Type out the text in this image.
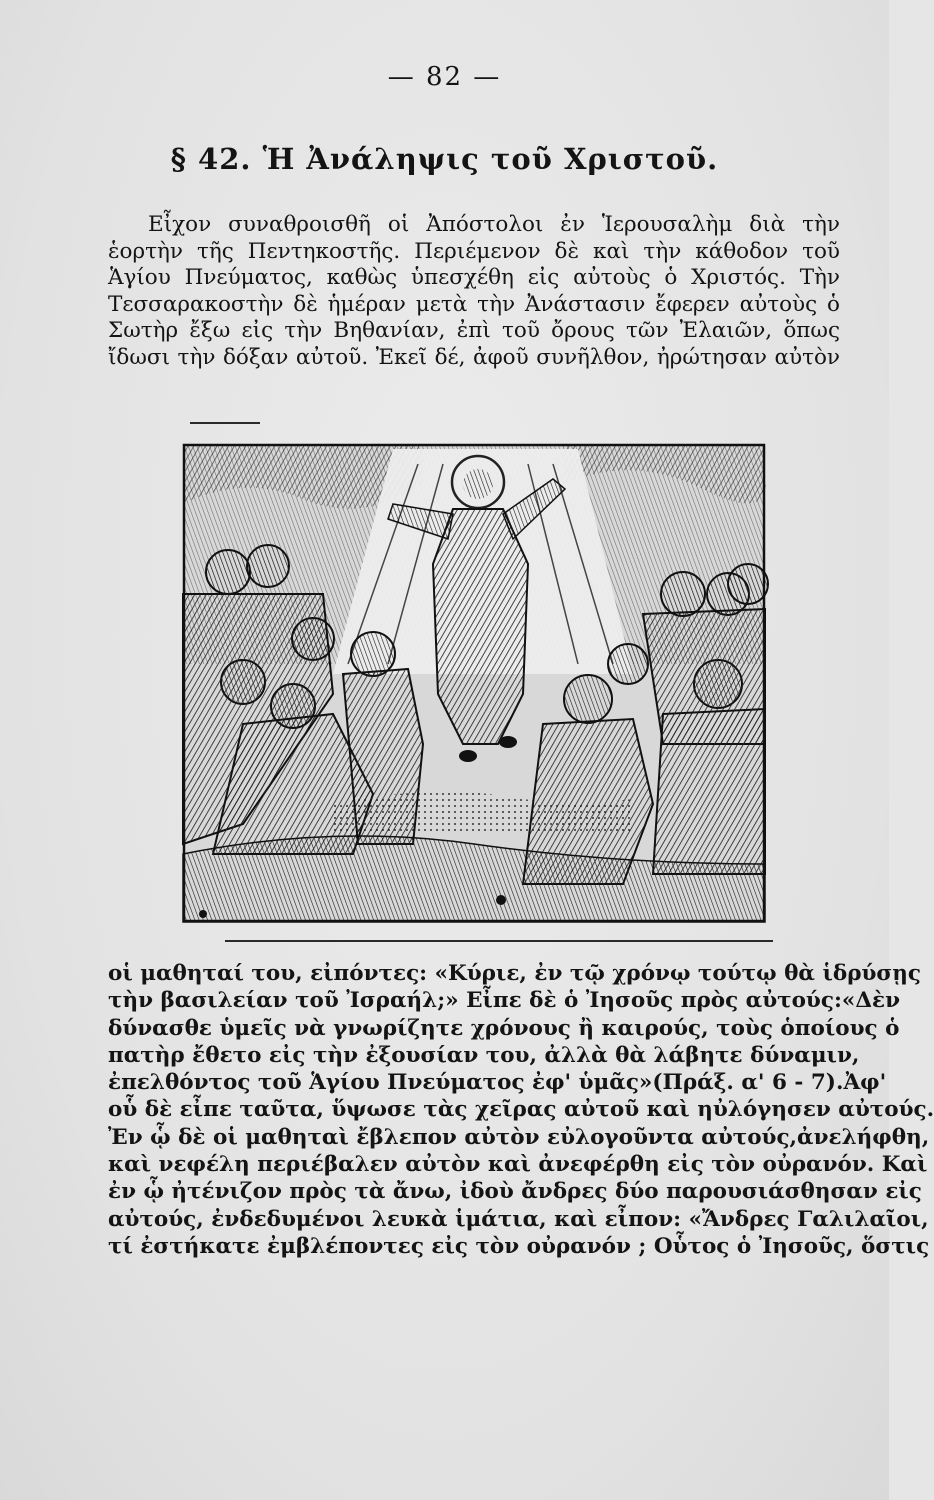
— 82 —
§ 42. Ἡ Ἀνάληψις τοῦ Χριστοῦ.
Εἶχον συναθροισθῆ οἱ Ἀπόστολοι ἐν Ἱερουσαλὴμ διὰ τὴν
ἑορτὴν τῆς Πεντηκοστῆς. Περιέμενον δὲ καὶ τὴν κάθοδον τοῦ
Ἁγίου Πνεύματος, καθὼς ὑπεσχέθη εἰς αὐτοὺς ὁ Χριστός. Τὴν
Τεσσαρακοστὴν δὲ ἡμέραν μετὰ τὴν Ἀνάστασιν ἔφερεν αὐτοὺς ὁ
Σωτὴρ ἔξω εἰς τὴν Βηθανίαν, ἐπὶ τοῦ ὄρους τῶν Ἐλαιῶν, ὅπως
ἴδωσι τὴν δόξαν αὐτοῦ. Ἐκεῖ δέ, ἀφοῦ συνῆλθον, ἠρώτησαν αὐτὸν
οἱ μαθηταί του, εἰπόντες: «Κύριε, ἐν τῷ χρόνῳ τούτῳ θὰ ἱδρύσῃς
τὴν βασιλείαν τοῦ Ἰσραήλ;» Εἶπε δὲ ὁ Ἰησοῦς πρὸς αὐτούς:«Δὲν
δύνασθε ὑμεῖς νὰ γνωρίζητε χρόνους ἢ καιρούς, τοὺς ὁποίους ὁ
πατὴρ ἔθετο εἰς τὴν ἐξουσίαν του, ἀλλὰ θὰ λάβητε δύναμιν,
ἐπελθόντος τοῦ Ἁγίου Πνεύματος ἐφ' ὑμᾶς»(Πράξ. α' 6 - 7).Ἀφ'
οὗ δὲ εἶπε ταῦτα, ὕψωσε τὰς χεῖρας αὐτοῦ καὶ ηὐλόγησεν αὐτούς.
Ἐν ᾧ δὲ οἱ μαθηταὶ ἔβλεπον αὐτὸν εὐλογοῦντα αὐτούς,ἀνελήφθη,
καὶ νεφέλη περιέβαλεν αὐτὸν καὶ ἀνεφέρθη εἰς τὸν οὐρανόν. Καὶ
ἐν ᾧ ἠτένιζον πρὸς τὰ ἄνω, ἰδοὺ ἄνδρες δύο παρουσιάσθησαν εἰς
αὐτούς, ἐνδεδυμένοι λευκὰ ἱμάτια, καὶ εἶπον: «Ἄνδρες Γαλιλαῖοι,
τί ἐστήκατε ἐμβλέποντες εἰς τὸν οὐρανόν ; Οὗτος ὁ Ἰησοῦς, ὅστις
